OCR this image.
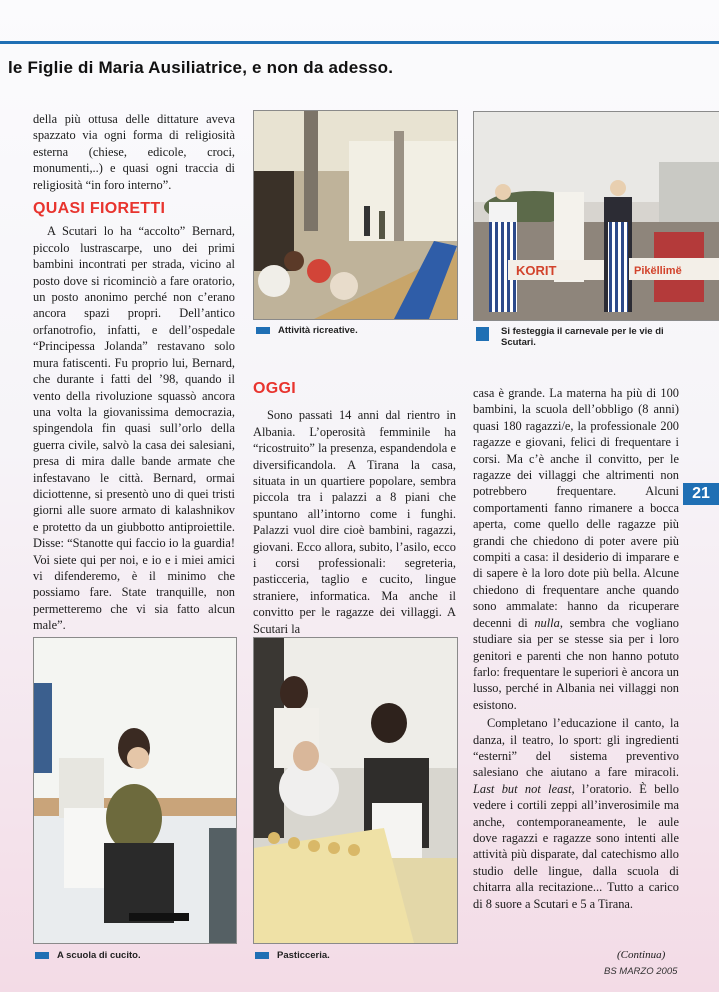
le Figlie di Maria Ausiliatrice, e non da adesso.

della più ottusa delle dittature aveva spazzato via ogni forma di religiosità esterna (chiese, edicole, croci, monumenti,..) e quasi ogni traccia di religiosità “in foro interno”.

QUASI FIORETTI

A Scutari lo ha “accolto” Bernard, piccolo lustrascarpe, uno dei primi bambini incontrati per strada, vicino al posto dove si ricominciò a fare oratorio, un posto anonimo perché non c’erano ancora spazi propri. Dell’antico orfanotrofio, infatti, e dell’ospedale “Principessa Jolanda” restavano solo mura fatiscenti. Fu proprio lui, Bernard, che durante i fatti del ’98, quando il vento della rivoluzione squassò ancora una volta la giovanissima democrazia, spingendola fin quasi sull’orlo della guerra civile, salvò la casa dei salesiani, presa di mira dalle bande armate che infestavano le città. Bernard, ormai diciottenne, si presentò uno di quei tristi giorni alle suore armato di kalashnikov e protetto da un giubbotto antiproiettile. Disse: “Stanotte qui faccio io la guardia! Voi siete qui per noi, e io e i miei amici vi difenderemo, è il minimo che possiamo fare. State tranquille, non permetteremo che vi sia fatto alcun male”.

Attività ricreative.
KORIT	Pikëllimë
Si festeggia il carnevale per le vie di Scutari.
OGGI

Sono passati 14 anni dal rientro in Albania. L’operosità femminile ha “ricostruito” la presenza, espandendola e diversificandola. A Tirana la casa, situata in un quartiere popolare, sembra piccola tra i palazzi a 8 piani che spuntano all’intorno come i funghi. Palazzi vuol dire cioè bambini, ragazzi, giovani. Ecco allora, subito, l’asilo, ecco i corsi professionali: segreteria, pasticceria, taglio e cucito, lingue straniere, informatica. Ma anche il convitto per le ragazze dei villaggi. A Scutari la

casa è grande. La materna ha più di 100 bambini, la scuola dell’obbligo (8 anni) quasi 180 ragazzi/e, la professionale 200 ragazze e giovani, felici di frequentare i corsi. Ma c’è anche il convitto, per le ragazze dei villaggi che altrimenti non potrebbero frequentare. Alcuni comportamenti fanno rimanere a bocca aperta, come quello delle ragazze più grandi che chiedono di poter avere più compiti a casa: il desiderio di imparare e di sapere è la loro dote più bella. Alcune chiedono di frequentare anche quando sono ammalate: hanno da ricuperare decenni di nulla, sembra che vogliano studiare sia per se stesse sia per i loro genitori e parenti che non hanno potuto farlo: frequentare le superiori è ancora un lusso, perché in Albania nei villaggi non esistono.

Completano l’educazione il canto, la danza, il teatro, lo sport: gli ingredienti “esterni” del sistema preventivo salesiano che aiutano a fare miracoli. Last but not least, l’oratorio. È bello vedere i cortili zeppi all’inverosimile ma anche, contemporaneamente, le aule dove ragazzi e ragazze sono intenti alle attività più disparate, dal catechismo allo studio delle lingue, dalla scuola di chitarra alla recitazione... Tutto a carico di 8 suore a Scutari e 5 a Tirana.

21
A scuola di cucito.	Pasticceria.	(Continua)
BS MARZO 2005
